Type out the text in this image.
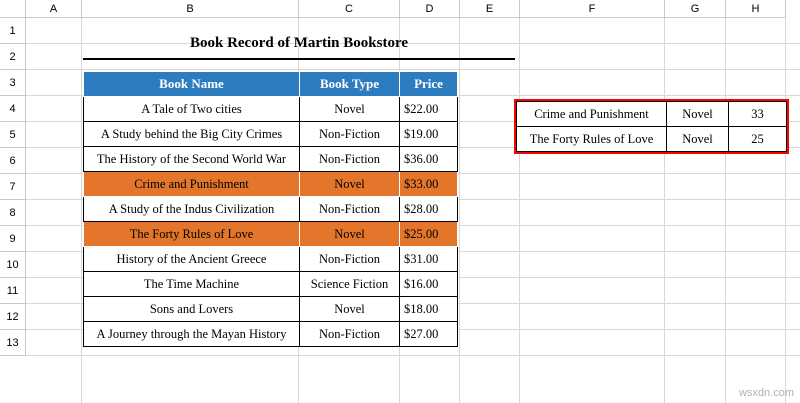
A	B	C	D	E	F	G	H
1
2
3
4
5
6
7
8
9
10
11
12
13
Book Record of Martin Bookstore
Book Name	Book Type	Price
A Tale of Two cities	Novel	$22.00
A Study behind the Big City Crimes	Non-Fiction	$19.00
The History of the Second World War	Non-Fiction	$36.00
Crime and Punishment	Novel	$33.00
A Study of the Indus Civilization	Non-Fiction	$28.00
The Forty Rules of Love	Novel	$25.00
History of the Ancient Greece	Non-Fiction	$31.00
The Time Machine	Science Fiction	$16.00
Sons and Lovers	Novel	$18.00
A Journey through the Mayan History	Non-Fiction	$27.00
Crime and Punishment	Novel	33
The Forty Rules of Love	Novel	25
wsxdn.com
